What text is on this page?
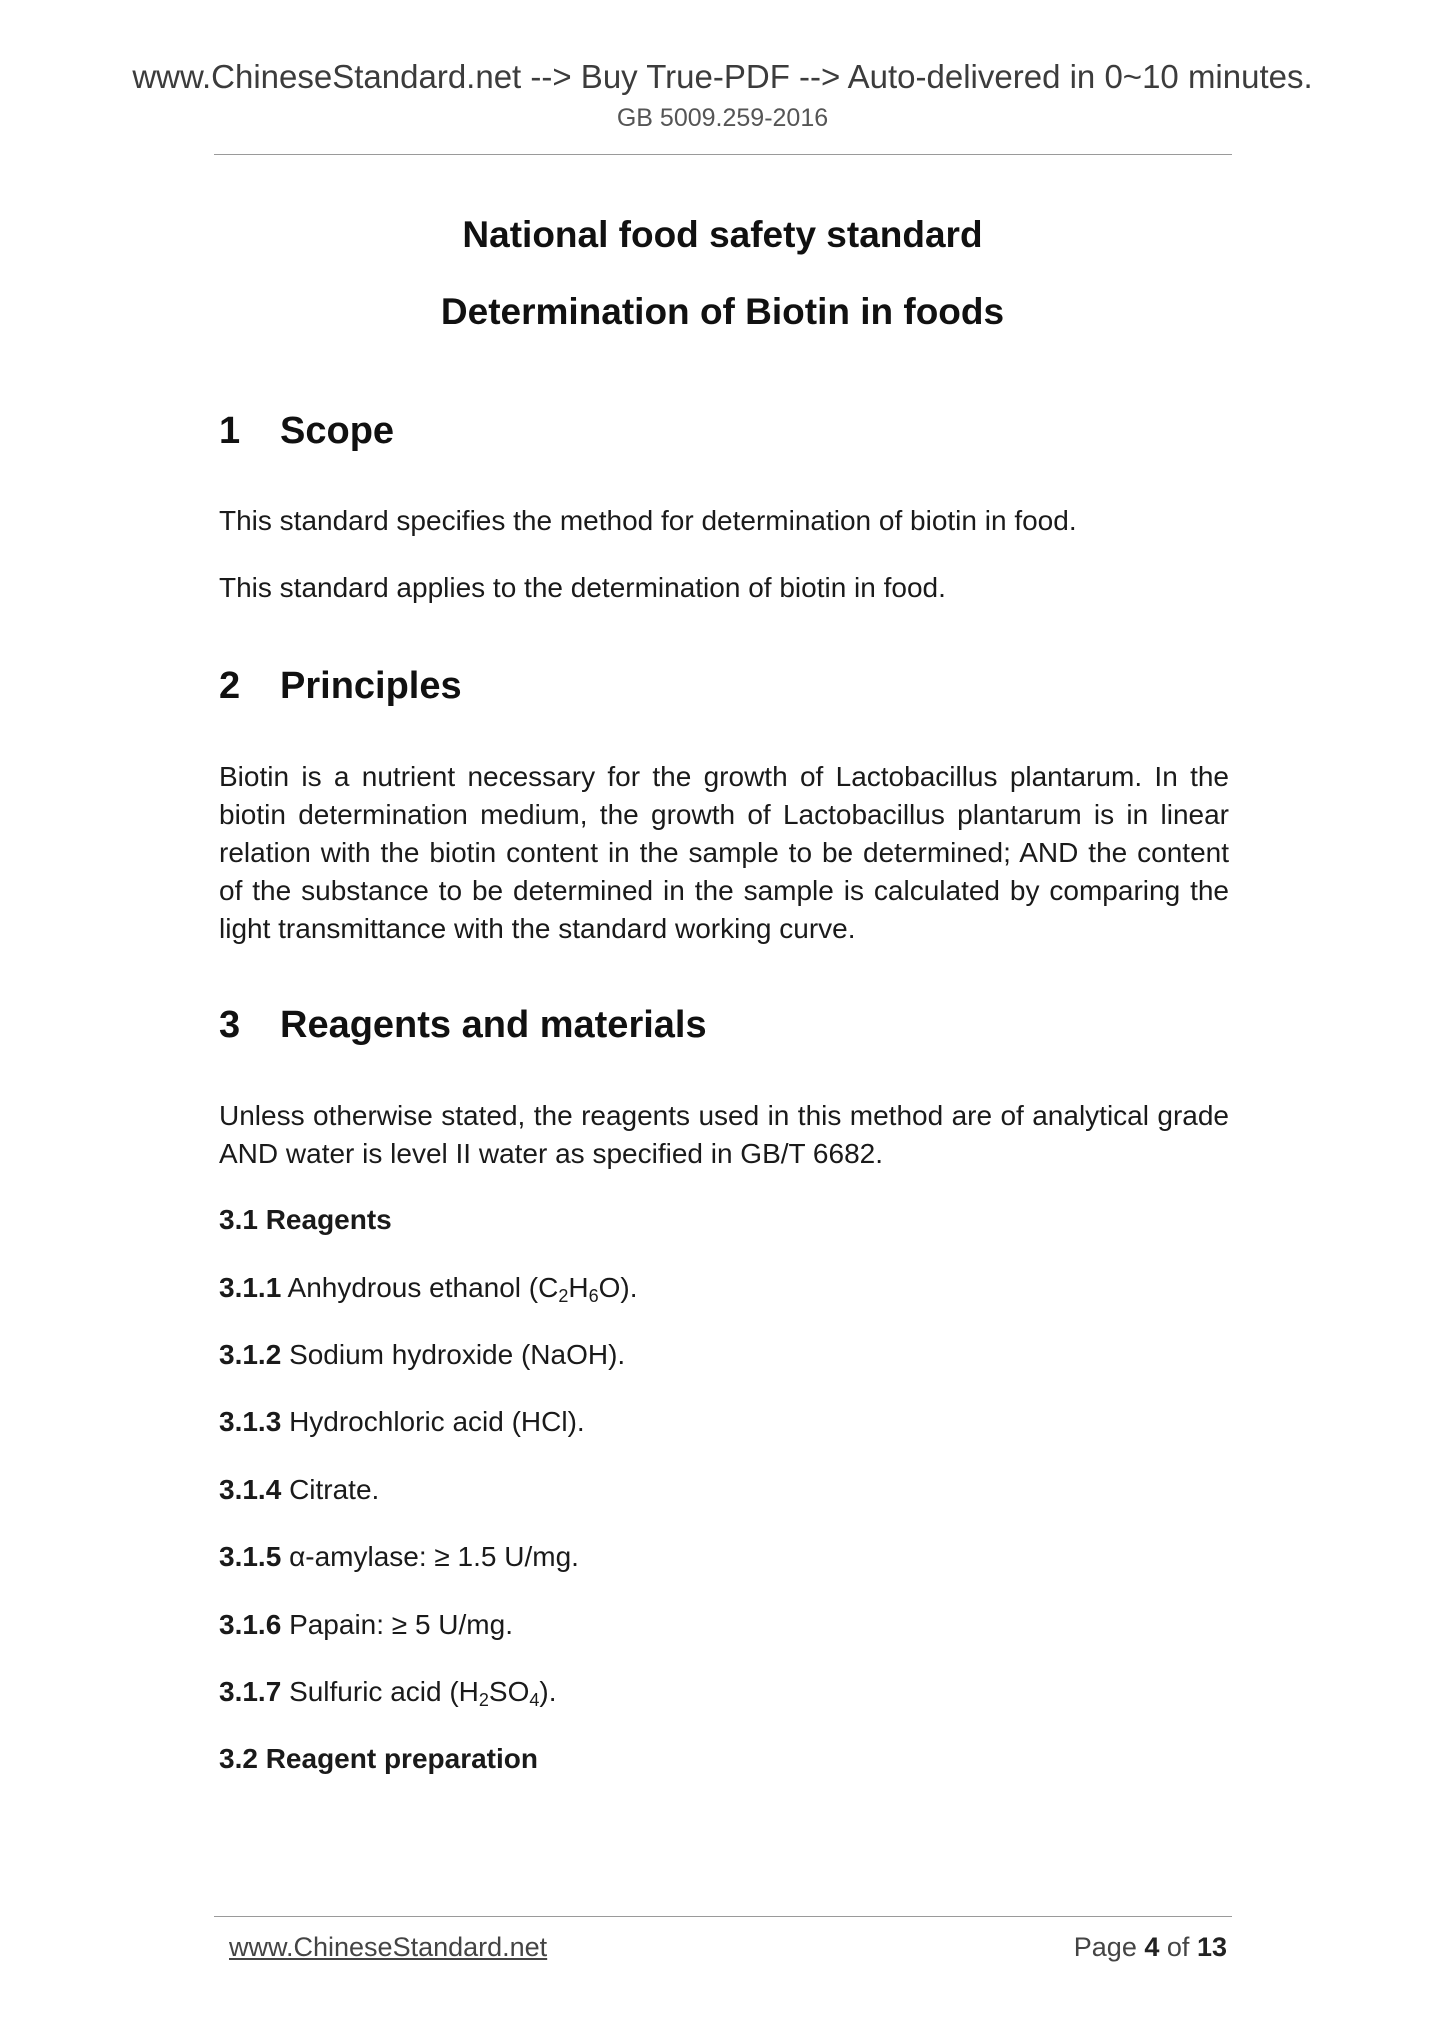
www.ChineseStandard.net --> Buy True-PDF --> Auto-delivered in 0~10 minutes.
GB 5009.259-2016
National food safety standard
Determination of Biotin in foods
1 Scope
This standard specifies the method for determination of biotin in food.
This standard applies to the determination of biotin in food.
2 Principles
Biotin is a nutrient necessary for the growth of Lactobacillus plantarum. In the biotin determination medium, the growth of Lactobacillus plantarum is in linear relation with the biotin content in the sample to be determined; AND the content of the substance to be determined in the sample is calculated by comparing the light transmittance with the standard working curve.
3 Reagents and materials
Unless otherwise stated, the reagents used in this method are of analytical grade AND water is level II water as specified in GB/T 6682.
3.1 Reagents
3.1.1 Anhydrous ethanol $(C_2H_6O)$.
3.1.2 Sodium hydroxide (NaOH).
3.1.3 Hydrochloric acid (HCl).
3.1.4 Citrate.
3.1.5 α-amylase: ≥ 1.5 U/mg.
3.1.6 Papain: ≥ 5 U/mg.
3.1.7 Sulfuric acid $(H_2SO_4)$.
3.2 Reagent preparation
www.ChineseStandard.net	Page 4 of 13
